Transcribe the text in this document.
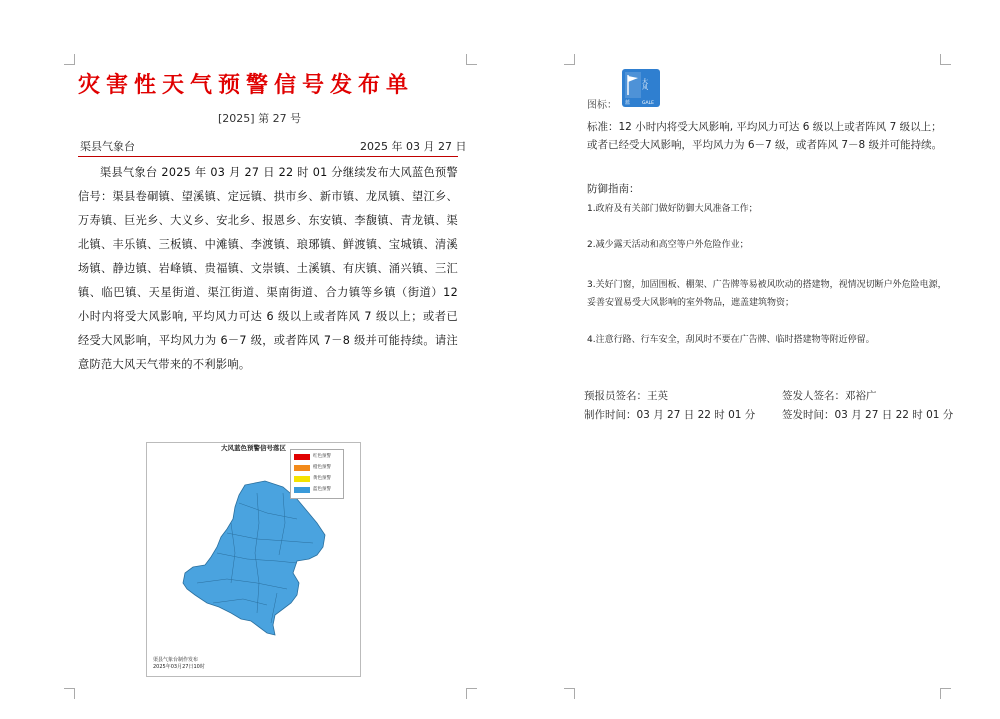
灾害性天气预警信号发布单
[2025] 第 27 号
渠县气象台	2025 年 03 月 27 日
渠县气象台 2025 年 03 月 27 日 22 时 01 分继续发布大风蓝色预警信号：渠县卷硐镇、望溪镇、定远镇、拱市乡、新市镇、龙凤镇、望江乡、万寿镇、巨光乡、大义乡、安北乡、报恩乡、东安镇、李馥镇、青龙镇、渠北镇、丰乐镇、三板镇、中滩镇、李渡镇、琅琊镇、鲜渡镇、宝城镇、清溪场镇、静边镇、岩峰镇、贵福镇、文崇镇、土溪镇、有庆镇、涌兴镇、三汇镇、临巴镇、天星街道、渠江街道、渠南街道、合力镇等乡镇（街道）12 小时内将受大风影响, 平均风力可达 6 级以上或者阵风 7 级以上；或者已经受大风影响，平均风力为 6－7 级，或者阵风 7－8 级并可能持续。请注意防范大风天气带来的不利影响。
大风蓝色预警信号落区
红色预警
橙色预警
黄色预警
蓝色预警
渠县气象台制作发布
2025年03月27日10时
大风
蓝	GALE
图标：
标准：12 小时内将受大风影响, 平均风力可达 6 级以上或者阵风 7 级以上；或者已经受大风影响，平均风力为 6－7 级，或者阵风 7－8 级并可能持续。
防御指南：
1.政府及有关部门做好防御大风准备工作；
2.减少露天活动和高空等户外危险作业；
3.关好门窗，加固围板、棚架、广告牌等易被风吹动的搭建物，视情况切断户外危险电源，妥善安置易受大风影响的室外物品，遮盖建筑物资；
4.注意行路、行车安全，刮风时不要在广告牌、临时搭建物等附近停留。
预报员签名：王英	签发人签名：邓裕广
制作时间：03 月 27 日 22 时 01 分	签发时间：03 月 27 日 22 时 01 分
